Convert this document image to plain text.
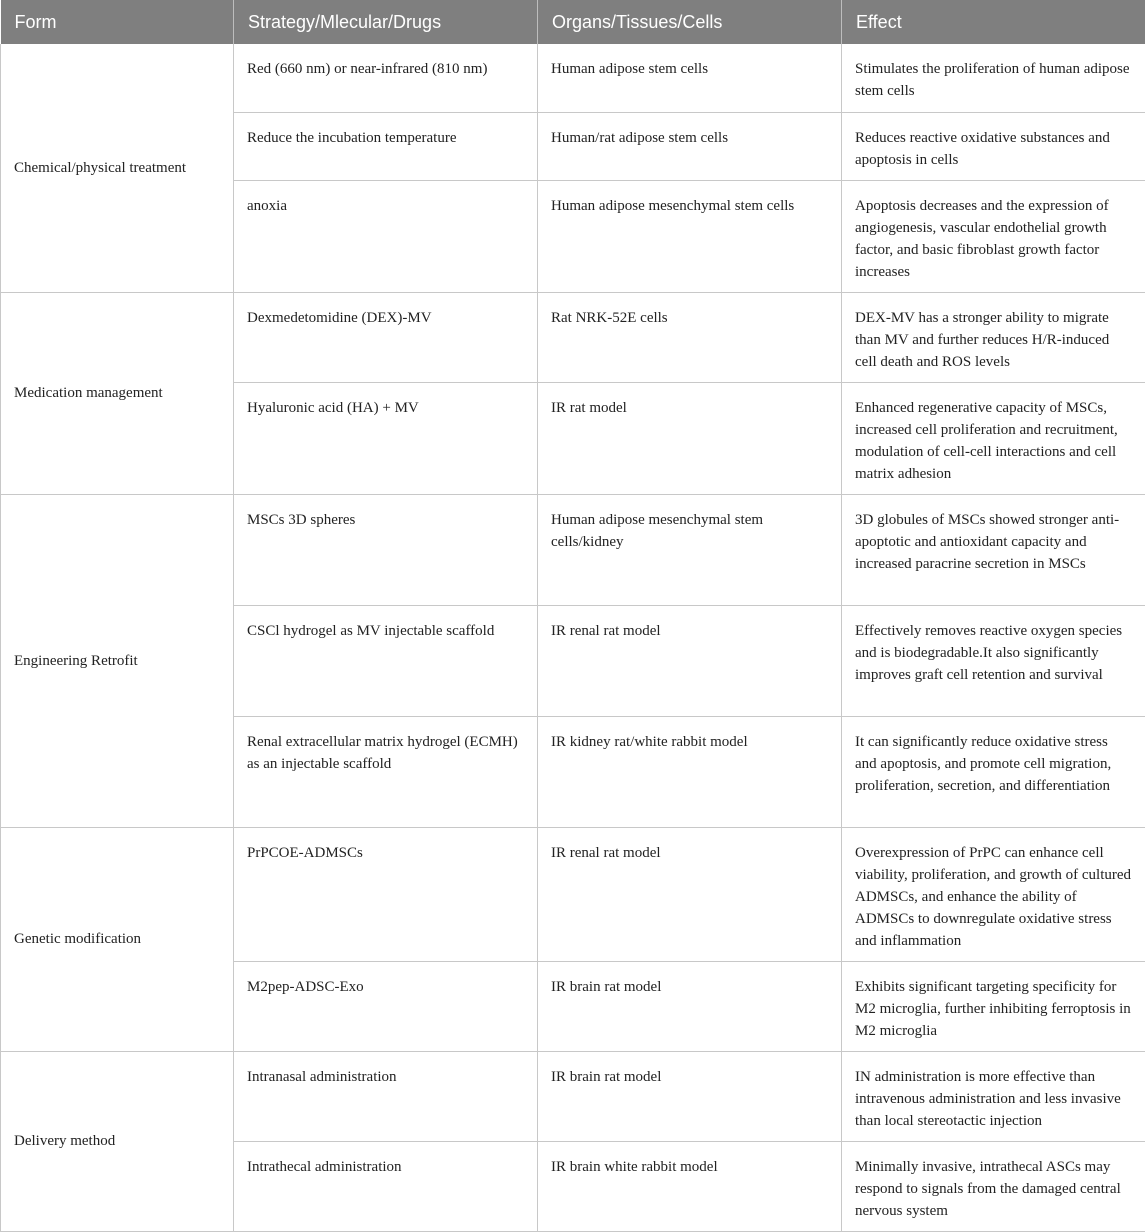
Form	Strategy/Mlecular/Drugs	Organs/Tissues/Cells	Effect
Chemical/physical treatment	Red (660 nm) or near-infrared (810 nm)	Human adipose stem cells	Stimulates the proliferation of human adipose stem cells
	Reduce the incubation temperature	Human/rat adipose stem cells	Reduces reactive oxidative substances and apoptosis in cells
	anoxia	Human adipose mesenchymal stem cells	Apoptosis decreases and the expression of angiogenesis, vascular endothelial growth factor, and basic fibroblast growth factor increases
Medication management	Dexmedetomidine (DEX)-MV	Rat NRK-52E cells	DEX-MV has a stronger ability to migrate than MV and further reduces H/R-induced cell death and ROS levels
	Hyaluronic acid (HA) + MV	IR rat model	Enhanced regenerative capacity of MSCs, increased cell proliferation and recruitment, modulation of cell-cell interactions and cell matrix adhesion
Engineering Retrofit	MSCs 3D spheres	Human adipose mesenchymal stem cells/kidney	3D globules of MSCs showed stronger anti-apoptotic and antioxidant capacity and increased paracrine secretion in MSCs
	CSCl hydrogel as MV injectable scaffold	IR renal rat model	Effectively removes reactive oxygen species and is biodegradable.It also significantly improves graft cell retention and survival
	Renal extracellular matrix hydrogel (ECMH) as an injectable scaffold	IR kidney rat/white rabbit model	It can significantly reduce oxidative stress and apoptosis, and promote cell migration, proliferation, secretion, and differentiation
Genetic modification	PrPCOE-ADMSCs	IR renal rat model	Overexpression of PrPC can enhance cell viability, proliferation, and growth of cultured ADMSCs, and enhance the ability of ADMSCs to downregulate oxidative stress and inflammation
	M2pep-ADSC-Exo	IR brain rat model	Exhibits significant targeting specificity for M2 microglia, further inhibiting ferroptosis in M2 microglia
Delivery method	Intranasal administration	IR brain rat model	IN administration is more effective than intravenous administration and less invasive than local stereotactic injection
	Intrathecal administration	IR brain white rabbit model	Minimally invasive, intrathecal ASCs may respond to signals from the damaged central nervous system
